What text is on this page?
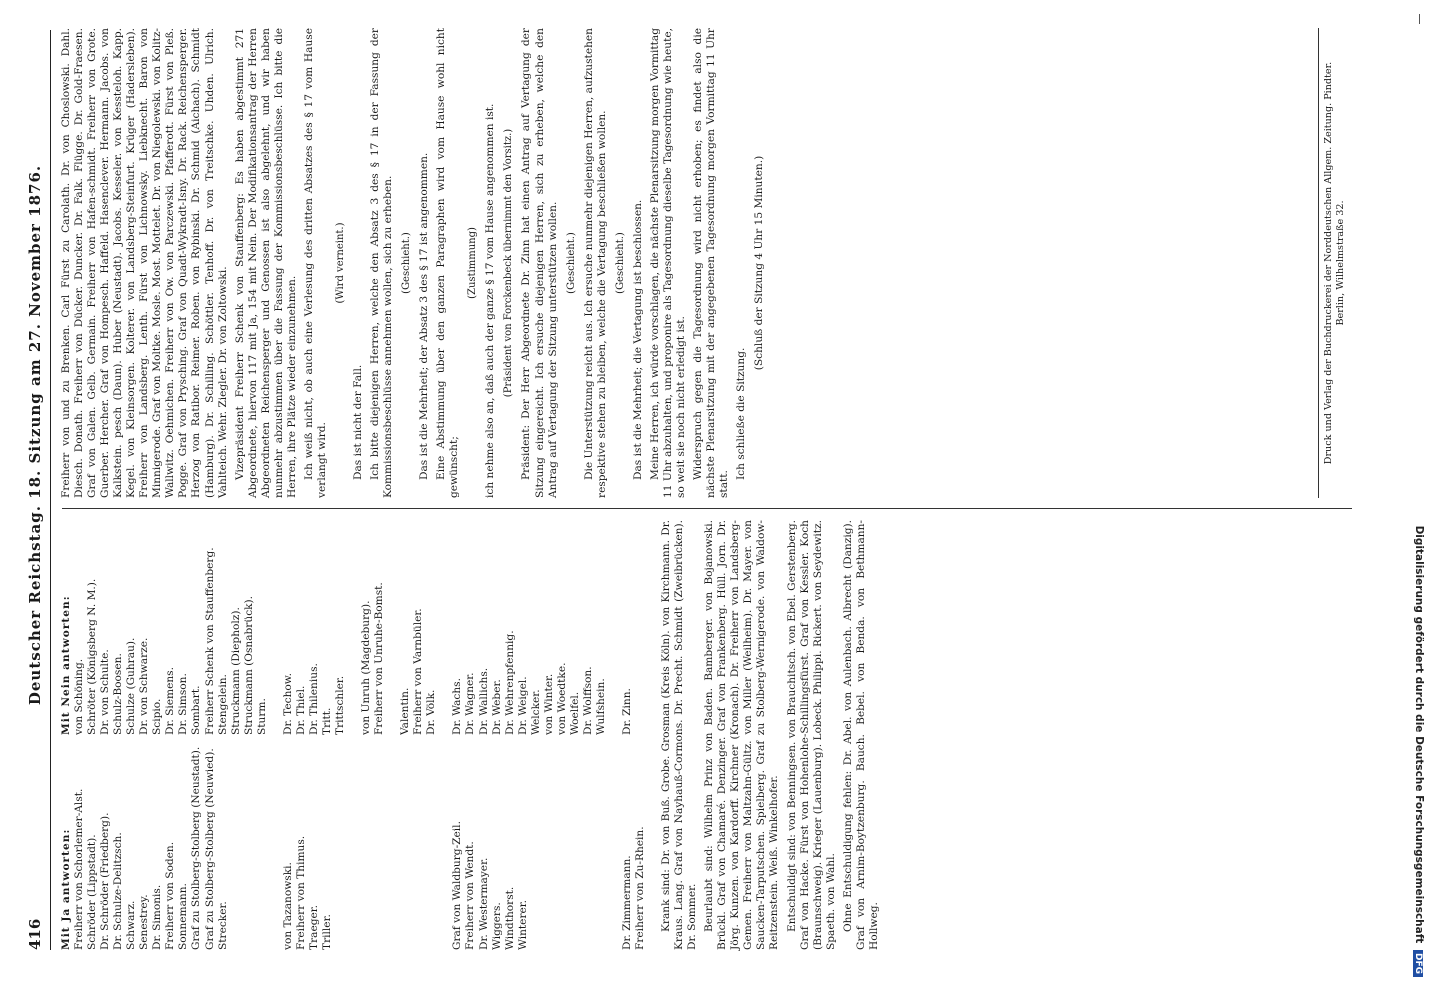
416
Deutscher Reichstag. 18. Sitzung am 27. November 1876.
Mit Ja antworten:
Mit Nein antworten:
Freiherr von Schorlemer-Alst.
von Schöning.
Schröder (Lippstadt).
Schröter (Königsberg N. M.).
Dr. Schröder (Friedberg).
Dr. von Schulte.
Dr. Schulze-Delitzsch.
Schulz-Boosen.
Schwarz.
Schulze (Guhrau).
Senestrey.
Dr. von Schwarze.
Dr. Simonis.
Scipio.
Freiherr von Soden.
Dr. Siemens.
Sonnemann.
Dr. Simson.
Graf zu Stolberg-Stolberg (Neustadt).
Sombart.
Graf zu Stolberg-Stolberg (Neuwied).
Freiherr Schenk von Stauffenberg.
Strecker.
Stengelein. Struckmann (Diepholz). Struckmann (Osnabrück). Sturm.

von Tazanowski.
Dr. Techow.
Freiherr von Thimus.
Dr. Thiel.
Traeger.
Dr. Thilenius.
Triller.
Tritt. Trittschler.
von Unruh (Magdeburg). Freiherr von Unruhe-Bomst.
Valentin. Freiherr von Varnbüler. Dr. Völk.

Graf von Waldburg-Zeil.
Dr. Wachs.
Freiherr von Wendt.
Dr. Wagner.
Dr. Westermayer.
Dr. Wallichs.
Wiggers.
Dr. Weber.
Windthorst.
Dr. Wehrenpfennig.
Winterer.
Dr. Weigel. Welcker. von Winter. von Woedtke. Woelfel. Dr. Wolffson. Wulfshein.

Dr. Zimmermann.
Dr. Zinn.
Freiherr von Zu-Rhein. Krank sind: Dr. von Buß. Grobe. Grosman (Kreis Köln). von Kirchmann. Dr. Kraus. Lang. Graf von Nayhauß-Cormons. Dr. Precht. Schmidt (Zweibrücken). Dr. Sommer. Beurlaubt sind: Wilhelm Prinz von Baden. Bamberger. von Bojanowski. Brückl. Graf von Chamaré. Denzinger. Graf von Frankenberg. Hüll. Jorn. Dr. Jörg. Kunzen. von Kardorff. Kirchner (Kronach). Dr. Freiherr von Landsberg-Gemen. Freiherr von Maltzahn-Gültz. von Miller (Weilheim). Dr. Mayer. von Saucken-Tarputschen. Spielberg. Graf zu Stolberg-Wernigerode. von Waldow-Reitzenstein. Weiß. Winkelhofer. Entschuldigt sind: von Benningsen. von Brauchitsch. von Ebel. Gerstenberg. Graf von Hacke. Fürst von Hohenlohe-Schillingsfürst. Graf von Kessler. Koch (Braunschweig). Krieger (Lauenburg). Lobeck. Philippi. Rickert. von Seydewitz. Spaeth. von Wahl. Ohne Entschuldigung fehlen: Dr. Abel. von Aulenbach. Albrecht (Danzig). Graf von Arnim-Boytzenburg. Bauch. Bebel. von Benda. von Bethmann-Hollweg.

Freiherr von und zu Brenken. Carl Fürst zu Carolath. Dr. von Choslowski. Dahl. Diesch. Donath. Freiherr von Dücker. Duncker. Dr. Falk. Flügge. Dr. Gold-Fraesen. Graf von Galen. Gelb. Germain. Freiherr von Hafen-schmidt. Freiherr von Grote. Guerber. Hercher. Graf von Hompesch. Haffeld. Hasenclever. Hermann. Jacobs. von Kalkstein. pesch (Daun). Huber (Neustadt). Jacobs. Kesseler. von Kessteloh. Kapp. Kegel. von Kleinsorgen. Kolterer. von Landsberg-Steinfurt. Krüger (Hadersleben). Freiherr von Landsberg. Lenth. Fürst von Lichnowsky. Liebknecht. Baron von Minnigerode. Graf von Moltke. Mosle. Most. Mottelet. Dr. von Niegolewski. von Kolitz-Wallwitz. Oehmichen. Freiherr von Ow. von Parczewski. Pfafferott. Fürst von Pleß. Pogge. Graf von Prysching. Graf von Quadt-Wykradt-Isny. Dr. Rack. Reichensperger. Herzog von Ratibor. Reimer. Roben. von Rybinski. Dr. Schmid (Aichach). Schmidt (Hamburg). Dr. Schilling. Schöttler. Tenhoff. Dr. von Treitschke. Uhden. Ulrich. Vahlteich. Wehr. Ziegler. Dr. von Zoltowski. Vizepräsident Freiherr Schenk von Stauffenberg: Es haben abgestimmt 271 Abgeordnete, hiervon 117 mit Ja, 154 mit Nein. Der Modifikationsantrag der Herren Abgeordneten Reichensperger und Genossen ist also abgelehnt, und wir haben nunmehr abzustimmen über die Fassung der Kommissionsbeschlüsse. Ich bitte die Herren, ihre Plätze wieder einzunehmen. Ich weiß nicht, ob auch eine Verlesung des dritten Absatzes des § 17 vom Hause verlangt wird.

(Wird verneint.)

Das ist nicht der Fall. Ich bitte diejenigen Herren, welche den Absatz 3 des § 17 in der Fassung der Kommissionsbeschlüsse annehmen wollen, sich zu erheben. (Geschieht.) Das ist die Mehrheit; der Absatz 3 des § 17 ist angenommen. Eine Abstimmung über den ganzen Paragraphen wird vom Hause wohl nicht gewünscht;

(Zustimmung) ich nehme also an, daß auch der ganze § 17 vom Hause angenommen ist. (Präsident von Forckenbeck übernimmt den Vorsitz.) Präsident: Der Herr Abgeordnete Dr. Zinn hat einen Antrag auf Vertagung der Sitzung eingereicht. Ich ersuche diejenigen Herren, sich zu erheben, welche den Antrag auf Vertagung der Sitzung unterstützen wollen. (Geschieht.) Die Unterstützung reicht aus. Ich ersuche nunmehr diejenigen Herren, aufzustehen respektive stehen zu bleiben, welche die Vertagung beschließen wollen. (Geschieht.) Das ist die Mehrheit; die Vertagung ist beschlossen. Meine Herren, ich würde vorschlagen, die nächste Plenarsitzung morgen Vormittag 11 Uhr abzuhalten, und proponire als Tagesordnung dieselbe Tagesordnung wie heute, so weit sie noch nicht erledigt ist. Widerspruch gegen die Tagesordnung wird nicht erhoben; es findet also die nächste Plenarsitzung mit der angegebenen Tagesordnung morgen Vormittag 11 Uhr statt.

Ich schließe die Sitzung.

(Schluß der Sitzung 4 Uhr 15 Minuten.)	Druck und Verlag der Buchdruckerei der Norddeutschen Allgem. Zeitung. Pindter. Berlin, Wilhelmstraße 32.
Digitalisierung gefördert durch die Deutsche Forschungsgemeinschaft DFG
